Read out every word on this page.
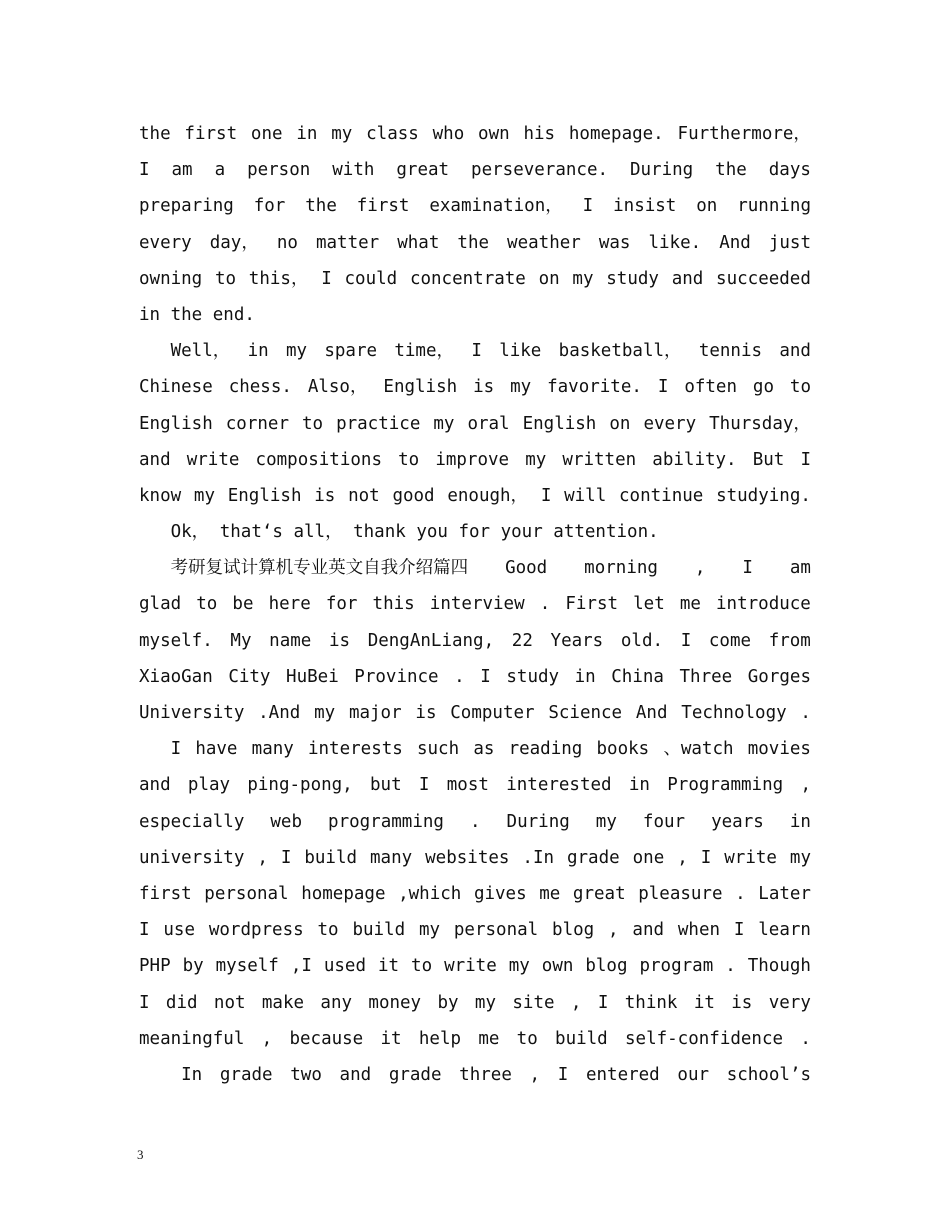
the first one in my class who own his homepage. Furthermore，
I am a person with great perseverance. During the days
preparing for the first examination， I insist on running
every day， no matter what the weather was like. And just
owning to this， I could concentrate on my study and succeeded
in the end.
Well， in my spare time， I like basketball， tennis and
Chinese chess. Also， English is my favorite. I often go to
English corner to practice my oral English on every Thursday，
and write compositions to improve my written ability. But I
know my English is not good enough， I will continue studying.
Ok， that‘s all， thank you for your attention.
考研复试计算机专业英文自我介绍篇四 Good morning , I am
glad to be here for this interview . First let me introduce
myself. My name is DengAnLiang, 22 Years old. I come from
XiaoGan City HuBei Province . I study in China Three Gorges
University .And my major is Computer Science And Technology .
I have many interests such as reading books 、watch movies
and play ping-pong, but I most interested in Programming ,
especially web programming . During my four years in
university , I build many websites .In grade one , I write my
first personal homepage ,which gives me great pleasure . Later
I use wordpress to build my personal blog , and when I learn
PHP by myself ,I used it to write my own blog program . Though
I did not make any money by my site , I think it is very
meaningful , because it help me to build self-confidence .
In grade two and grade three , I entered our school’s
3
